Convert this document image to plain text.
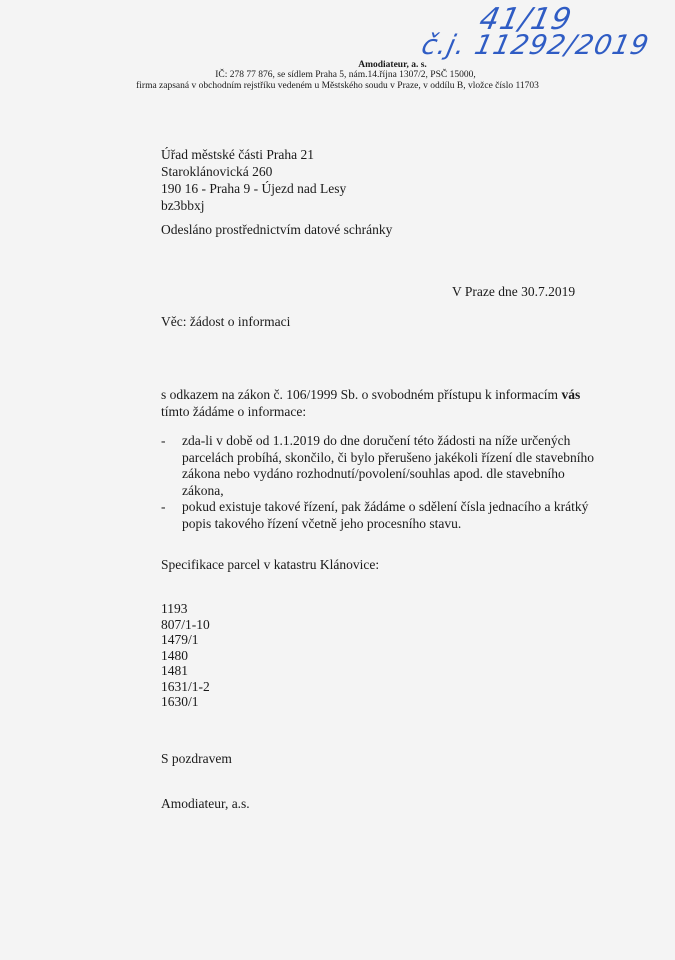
41/19
č.j. 11292/2019
Amodiateur, a. s.
IČ: 278 77 876, se sídlem Praha 5, nám.14.října 1307/2, PSČ 15000,
firma zapsaná v obchodním rejstříku vedeném u Městského soudu v Praze, v oddílu B, vložce číslo 11703
Úřad městské části Praha 21
Staroklánovická 260
190 16 - Praha 9 - Újezd nad Lesy
bz3bbxj
Odesláno prostřednictvím datové schránky
V Praze dne 30.7.2019
Věc: žádost o informaci
s odkazem na zákon č. 106/1999 Sb. o svobodném přístupu k informacím vás tímto žádáme o informace:
- zda-li v době od 1.1.2019 do dne doručení této žádosti na níže určených parcelách probíhá, skončilo, či bylo přerušeno jakékoli řízení dle stavebního zákona nebo vydáno rozhodnutí/povolení/souhlas apod. dle stavebního zákona,
- pokud existuje takové řízení, pak žádáme o sdělení čísla jednacího a krátký popis takového řízení včetně jeho procesního stavu.
Specifikace parcel v katastru Klánovice:
1193
807/1-10
1479/1
1480
1481
1631/1-2
1630/1
S pozdravem
Amodiateur, a.s.
